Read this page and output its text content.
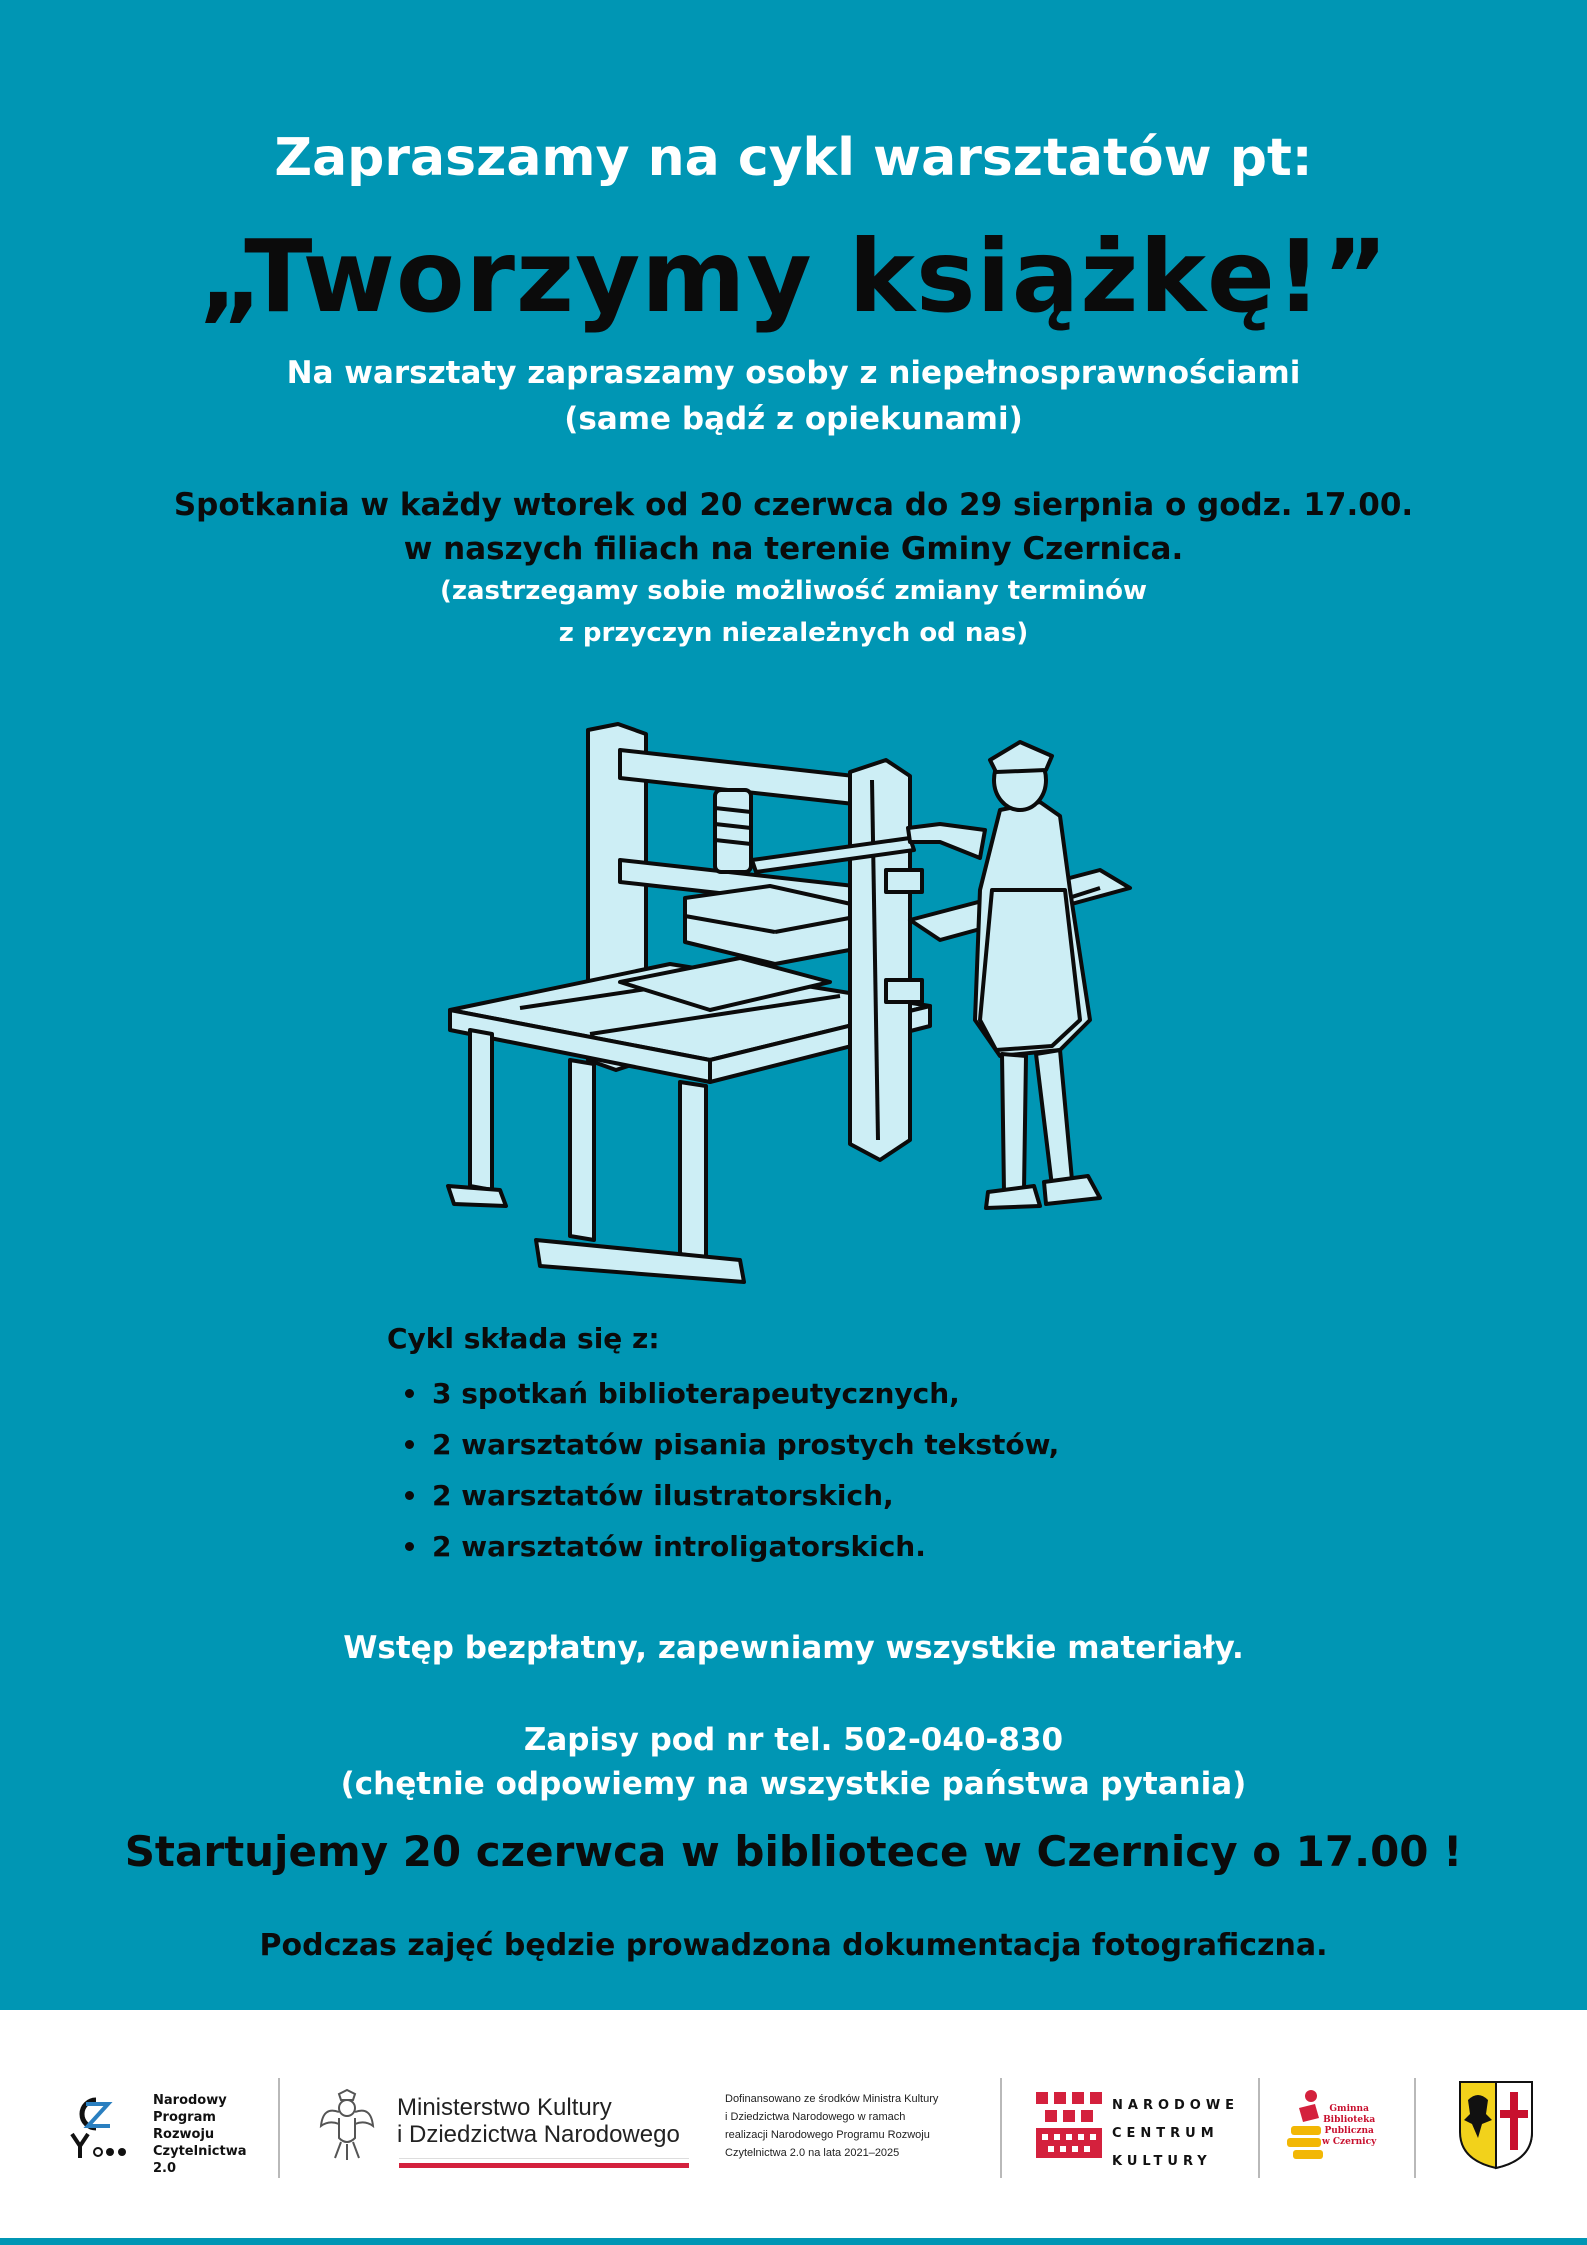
Zapraszamy na cykl warsztatów pt:
„Tworzymy książkę!”
Na warsztaty zapraszamy osoby z niepełnosprawnościami
(same bądź z opiekunami)
Spotkania w każdy wtorek od 20 czerwca do 29 sierpnia o godz. 17.00.
w naszych filiach na terenie Gminy Czernica.
(zastrzegamy sobie możliwość zmiany terminów
z przyczyn niezależnych od nas)
Cykl składa się z:
3 spotkań biblioterapeutycznych,
2 warsztatów pisania prostych tekstów,
2 warsztatów ilustratorskich,
2 warsztatów introligatorskich.
Wstęp bezpłatny, zapewniamy wszystkie materiały.
Zapisy pod nr tel. 502-040-830
(chętnie odpowiemy na wszystkie państwa pytania)
Startujemy 20 czerwca w bibliotece w Czernicy o 17.00 !
Podczas zajęć będzie prowadzona dokumentacja fotograficzna.
Narodowy
Program
Rozwoju
Czytelnictwa
2.0
Ministerstwo Kultury
i Dziedzictwa Narodowego
Dofinansowano ze środków Ministra Kultury
i Dziedzictwa Narodowego w ramach
realizacji Narodowego Programu Rozwoju
Czytelnictwa 2.0 na lata 2021–2025
NARODOWE
CENTRUM
KULTURY
Gminna
Biblioteka
Publiczna
w Czernicy
